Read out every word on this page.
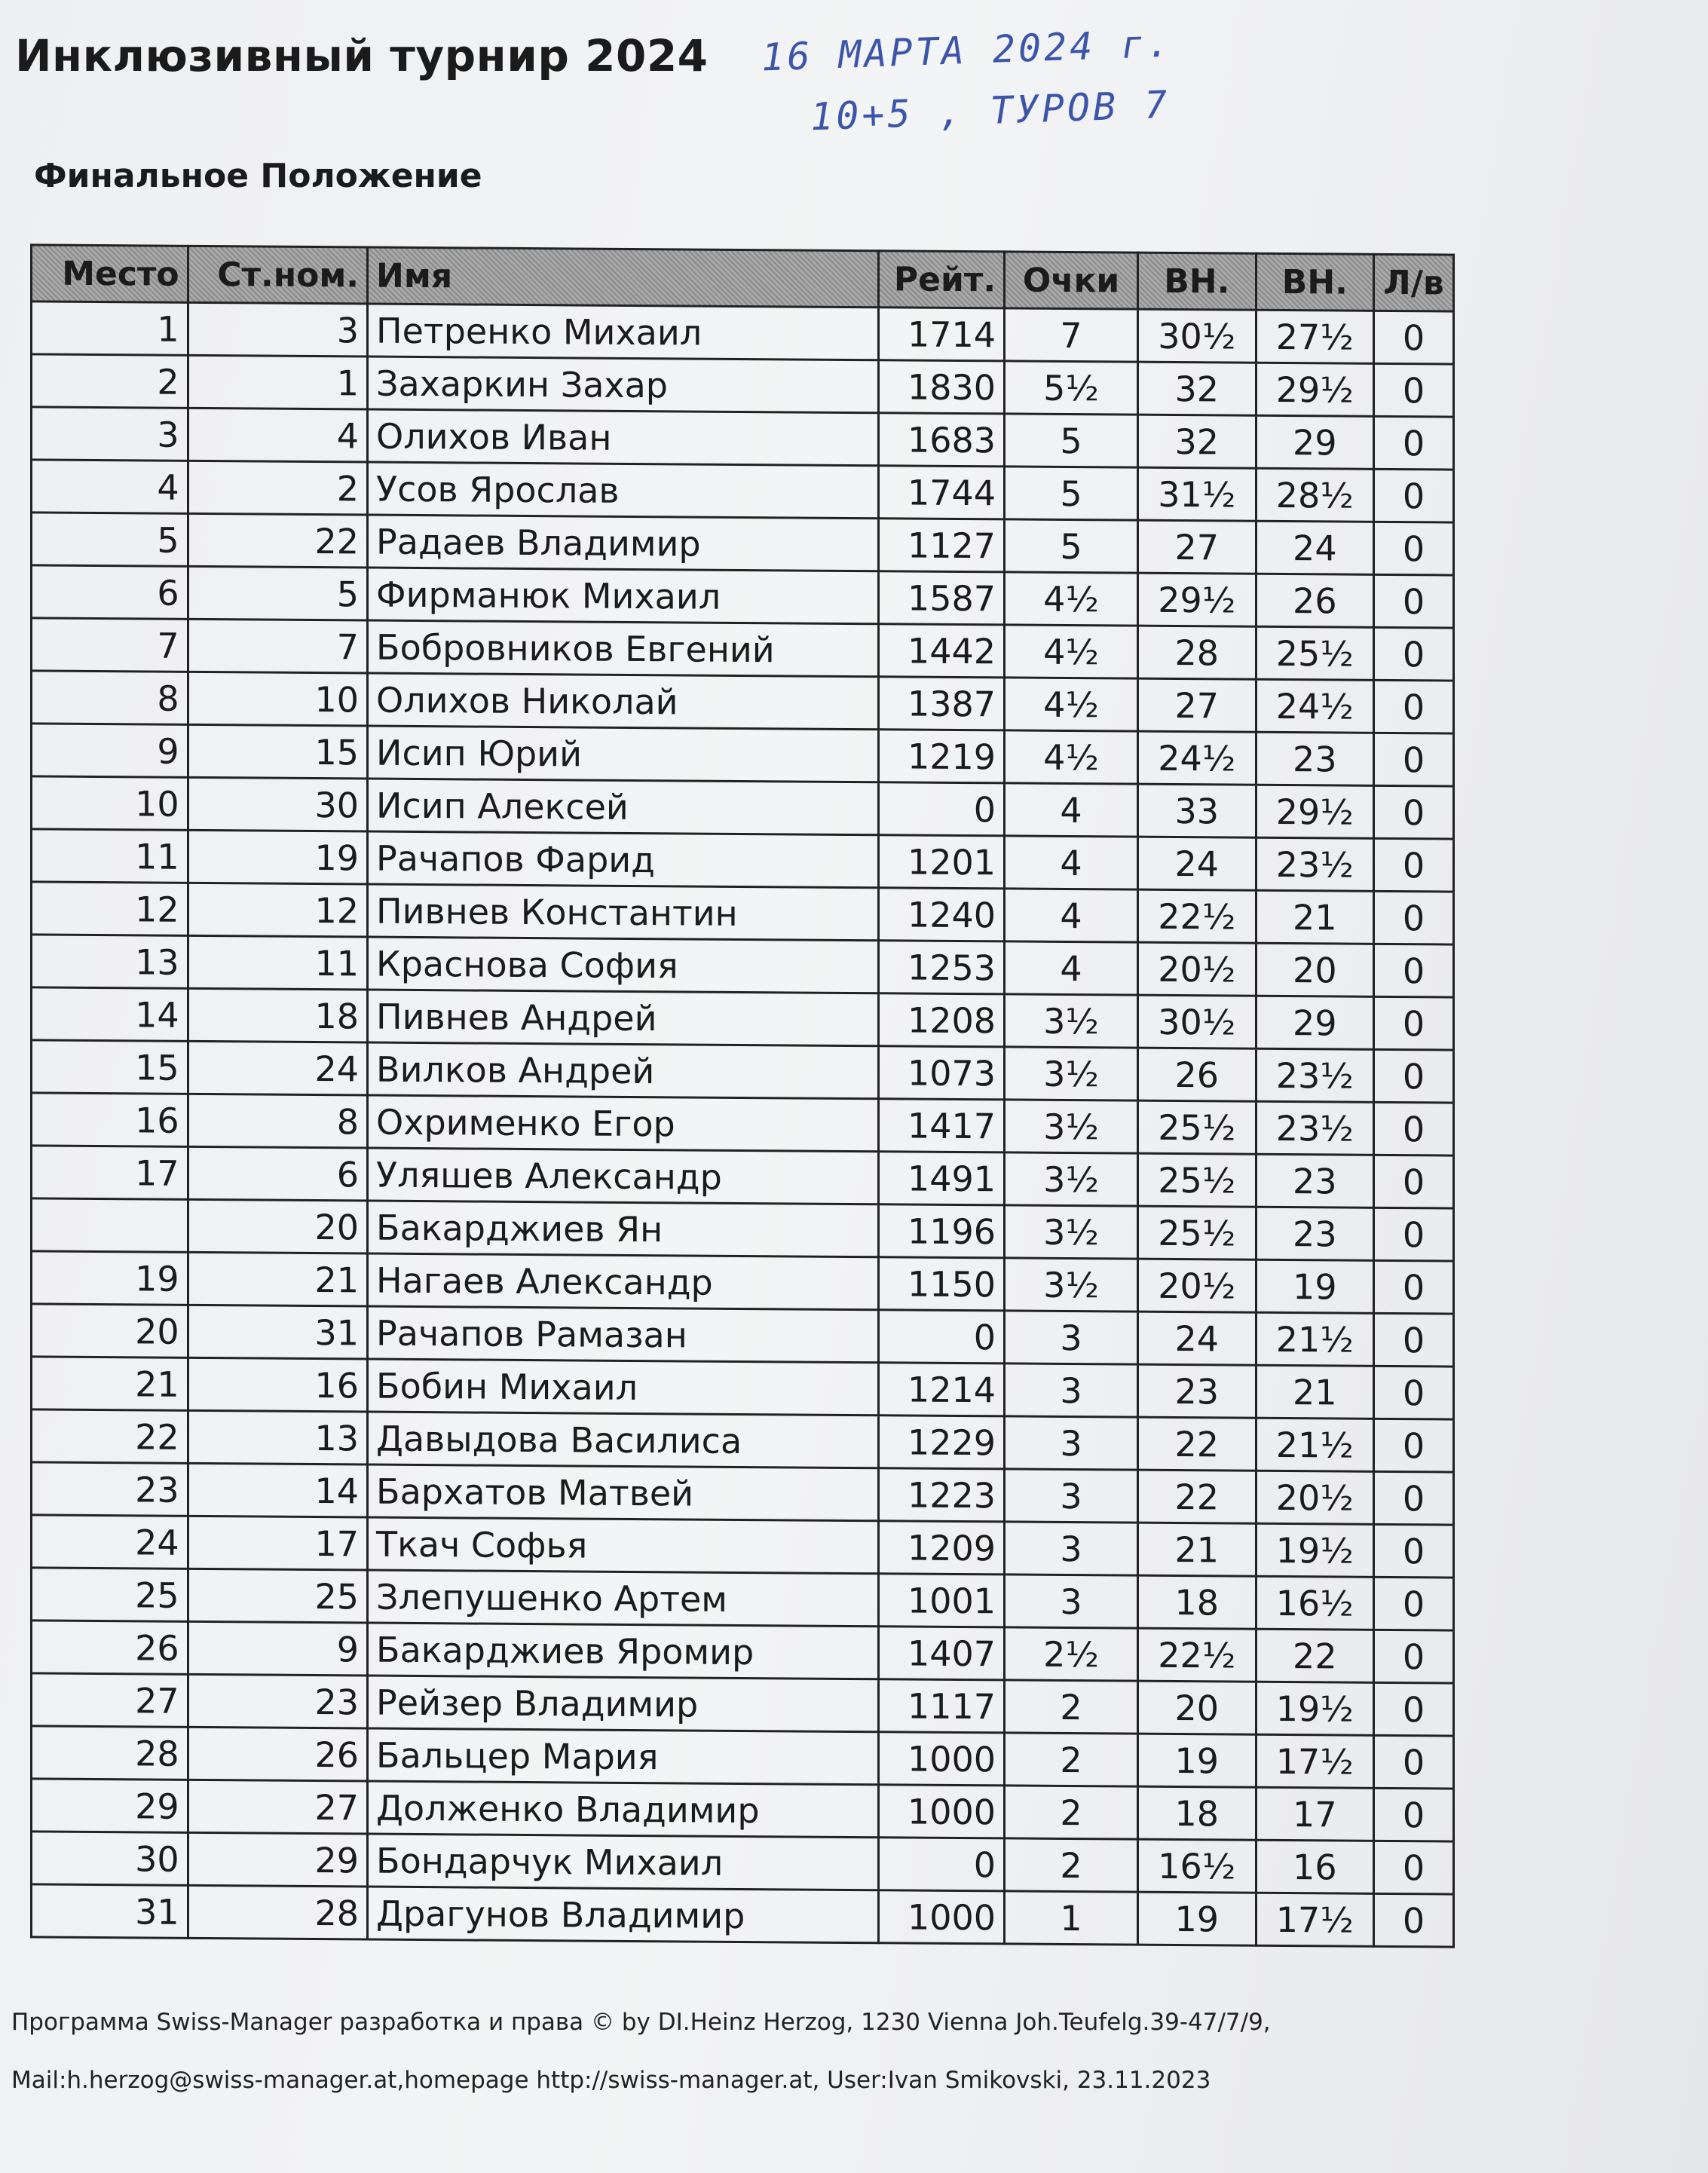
Инклюзивный турнир 2024 16 МАРТА 2024 г.
10+5 , ТУРОВ 7
Финальное Положение
Место	Ст.ном.	Имя	Рейт.	Очки	ВН.	ВН.	Л/в
1	3	Петренко Михаил	1714	7	30½	27½	0
2	1	Захаркин Захар	1830	5½	32	29½	0
3	4	Олихов Иван	1683	5	32	29	0
4	2	Усов Ярослав	1744	5	31½	28½	0
5	22	Радаев Владимир	1127	5	27	24	0
6	5	Фирманюк Михаил	1587	4½	29½	26	0
7	7	Бобровников Евгений	1442	4½	28	25½	0
8	10	Олихов Николай	1387	4½	27	24½	0
9	15	Исип Юрий	1219	4½	24½	23	0
10	30	Исип Алексей	0	4	33	29½	0
11	19	Рачапов Фарид	1201	4	24	23½	0
12	12	Пивнев Константин	1240	4	22½	21	0
13	11	Краснова София	1253	4	20½	20	0
14	18	Пивнев Андрей	1208	3½	30½	29	0
15	24	Вилков Андрей	1073	3½	26	23½	0
16	8	Охрименко Егор	1417	3½	25½	23½	0
17	6	Уляшев Александр	1491	3½	25½	23	0
	20	Бакарджиев Ян	1196	3½	25½	23	0
19	21	Нагаев Александр	1150	3½	20½	19	0
20	31	Рачапов Рамазан	0	3	24	21½	0
21	16	Бобин Михаил	1214	3	23	21	0
22	13	Давыдова Василиса	1229	3	22	21½	0
23	14	Бархатов Матвей	1223	3	22	20½	0
24	17	Ткач Софья	1209	3	21	19½	0
25	25	Злепушенко Артем	1001	3	18	16½	0
26	9	Бакарджиев Яромир	1407	2½	22½	22	0
27	23	Рейзер Владимир	1117	2	20	19½	0
28	26	Бальцер Мария	1000	2	19	17½	0
29	27	Долженко Владимир	1000	2	18	17	0
30	29	Бондарчук Михаил	0	2	16½	16	0
31	28	Драгунов Владимир	1000	1	19	17½	0
Программа Swiss-Manager разработка и права © by DI.Heinz Herzog, 1230 Vienna Joh.Teufelg.39-47/7/9,
Mail:h.herzog@swiss-manager.at,homepage http://swiss-manager.at, User:Ivan Smikovski, 23.11.2023
